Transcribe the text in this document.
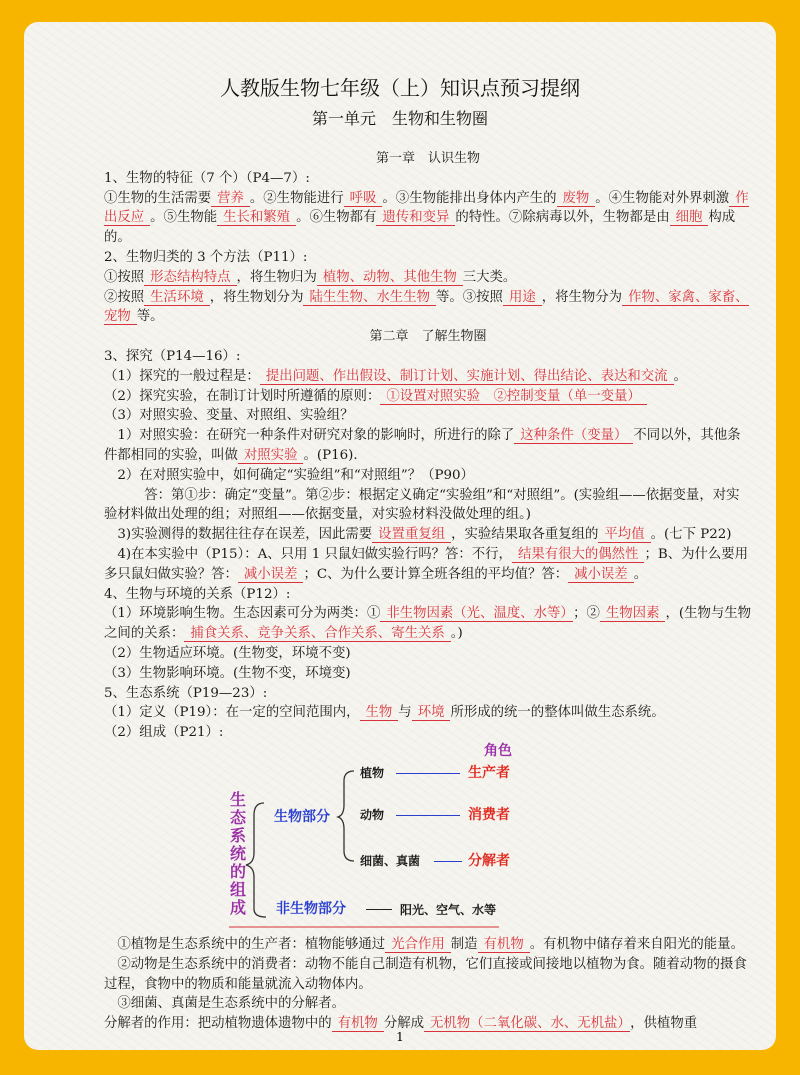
人教版生物七年级（上）知识点预习提纲
第一单元　生物和生物圈

第一章　认识生物

1、生物的特征（7 个）（P4—7）:

①生物的生活需要 营养 。②生物能进行 呼吸 。③生物能排出身体内产生的 废物 。④生物能对外界刺激 作出反应 。⑤生物能 生长和繁殖 。⑥生物都有 遗传和变异 的特性。⑦除病毒以外，生物都是由 细胞 构成的。

2、生物归类的 3 个方法（P11）:

①按照 形态结构特点 ，将生物归为 植物、动物、其他生物 三大类。

②按照 生活环境 ，将生物划分为 陆生生物、水生生物 等。③按照 用途 ，将生物分为 作物、家禽、家畜、宠物 等。

第二章　了解生物圈

3、探究（P14—16）:

（1）探究的一般过程是： 提出问题、作出假设、制订计划、实施计划、得出结论、表达和交流 。

（2）探究实验，在制订计划时所遵循的原则： ①设置对照实验　②控制变量（单一变量）

（3）对照实验、变量、对照组、实验组？

1）对照实验：在研究一种条件对研究对象的影响时，所进行的除了 这种条件（变量） 不同以外，其他条件都相同的实验，叫做 对照实验 。(P16).

2）在对照实验中，如何确定“实验组”和“对照组”？（P90）

答：第①步：确定“变量”。第②步：根据定义确定“实验组”和“对照组”。(实验组——依据变量，对实验材料做出处理的组；对照组——依据变量，对实验材料没做处理的组。)

3)实验测得的数据往往存在误差，因此需要 设置重复组 ，实验结果取各重复组的 平均值 。(七下 P22)

4)在本实验中（P15）：A、只用 1 只鼠妇做实验行吗？答：不行， 结果有很大的偶然性 ；B、为什么要用多只鼠妇做实验？答： 减小误差 ；C、为什么要计算全班各组的平均值？答： 减小误差 。

4、生物与环境的关系（P12）:

（1）环境影响生物。生态因素可分为两类：① 非生物因素（光、温度、水等） ；② 生物因素 ，(生物与生物之间的关系： 捕食关系、竞争关系、合作关系、寄生关系 。)

（2）生物适应环境。(生物变，环境不变)

（3）生物影响环境。(生物不变，环境变)

5、生态系统（P19—23）:

（1）定义（P19）：在一定的空间范围内， 生物 与 环境 所形成的统一的整体叫做生态系统。

（2）组成（P21）:

生态系统的组成
生物部分
角色
植物	生产者
动物	消费者
细菌、真菌	分解者
非生物部分	阳光、空气、水等

①植物是生态系统中的生产者：植物能够通过 光合作用 制造 有机物 。有机物中储存着来自阳光的能量。

②动物是生态系统中的消费者：动物不能自己制造有机物，它们直接或间接地以植物为食。随着动物的摄食过程，食物中的物质和能量就流入动物体内。

③细菌、真菌是生态系统中的分解者。

分解者的作用：把动植物遗体遗物中的 有机物 分解成 无机物（二氧化碳、水、无机盐） ，供植物重

1
